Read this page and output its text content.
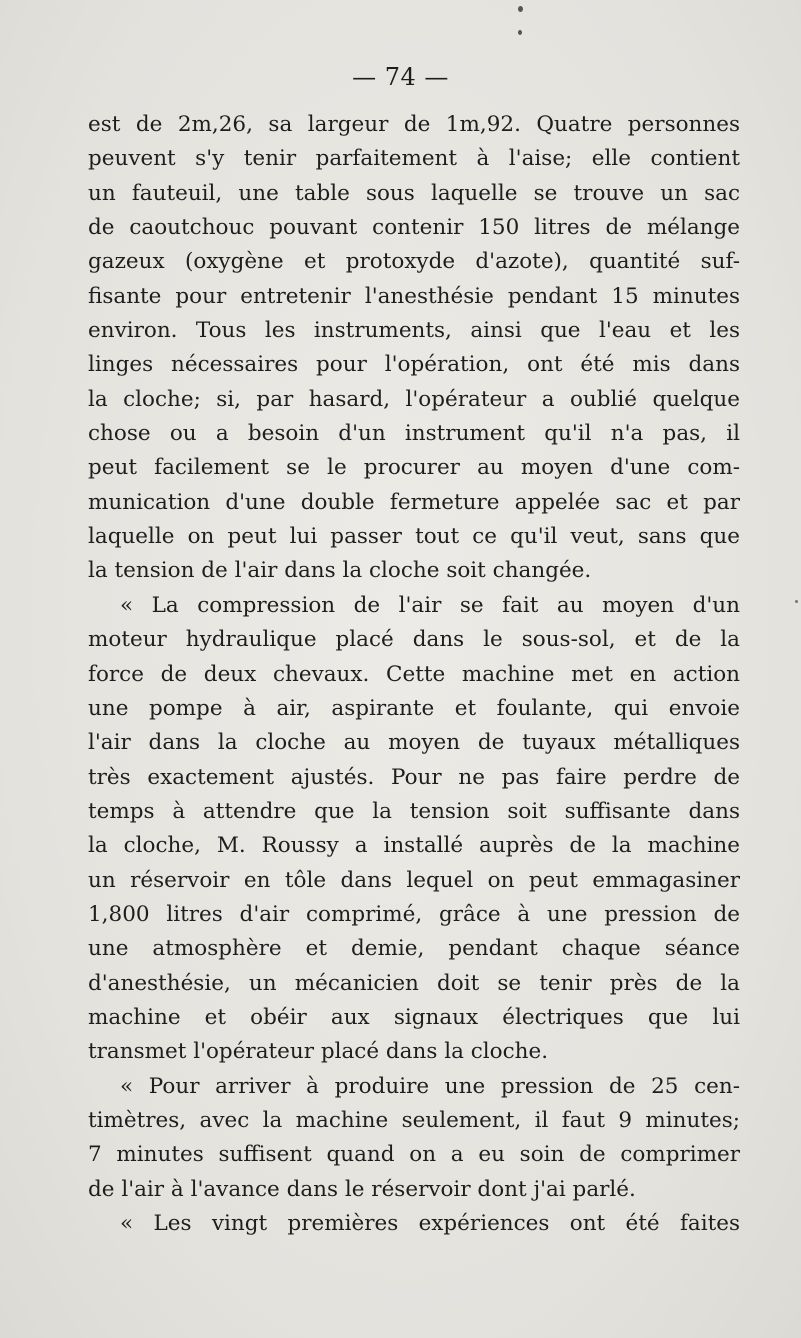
— 74 —
est de 2m,26, sa largeur de 1m,92. Quatre personnes
peuvent s'y tenir parfaitement à l'aise; elle contient
un fauteuil, une table sous laquelle se trouve un sac
de caoutchouc pouvant contenir 150 litres de mélange
gazeux (oxygène et protoxyde d'azote), quantité suf-
fisante pour entretenir l'anesthésie pendant 15 minutes
environ. Tous les instruments, ainsi que l'eau et les
linges nécessaires pour l'opération, ont été mis dans
la cloche; si, par hasard, l'opérateur a oublié quelque
chose ou a besoin d'un instrument qu'il n'a pas, il
peut facilement se le procurer au moyen d'une com-
munication d'une double fermeture appelée sac et par
laquelle on peut lui passer tout ce qu'il veut, sans que
la tension de l'air dans la cloche soit changée.
« La compression de l'air se fait au moyen d'un
moteur hydraulique placé dans le sous-sol, et de la
force de deux chevaux. Cette machine met en action
une pompe à air, aspirante et foulante, qui envoie
l'air dans la cloche au moyen de tuyaux métalliques
très exactement ajustés. Pour ne pas faire perdre de
temps à attendre que la tension soit suffisante dans
la cloche, M. Roussy a installé auprès de la machine
un réservoir en tôle dans lequel on peut emmagasiner
1,800 litres d'air comprimé, grâce à une pression de
une atmosphère et demie, pendant chaque séance
d'anesthésie, un mécanicien doit se tenir près de la
machine et obéir aux signaux électriques que lui
transmet l'opérateur placé dans la cloche.
« Pour arriver à produire une pression de 25 cen-
timètres, avec la machine seulement, il faut 9 minutes;
7 minutes suffisent quand on a eu soin de comprimer
de l'air à l'avance dans le réservoir dont j'ai parlé.
« Les vingt premières expériences ont été faites
